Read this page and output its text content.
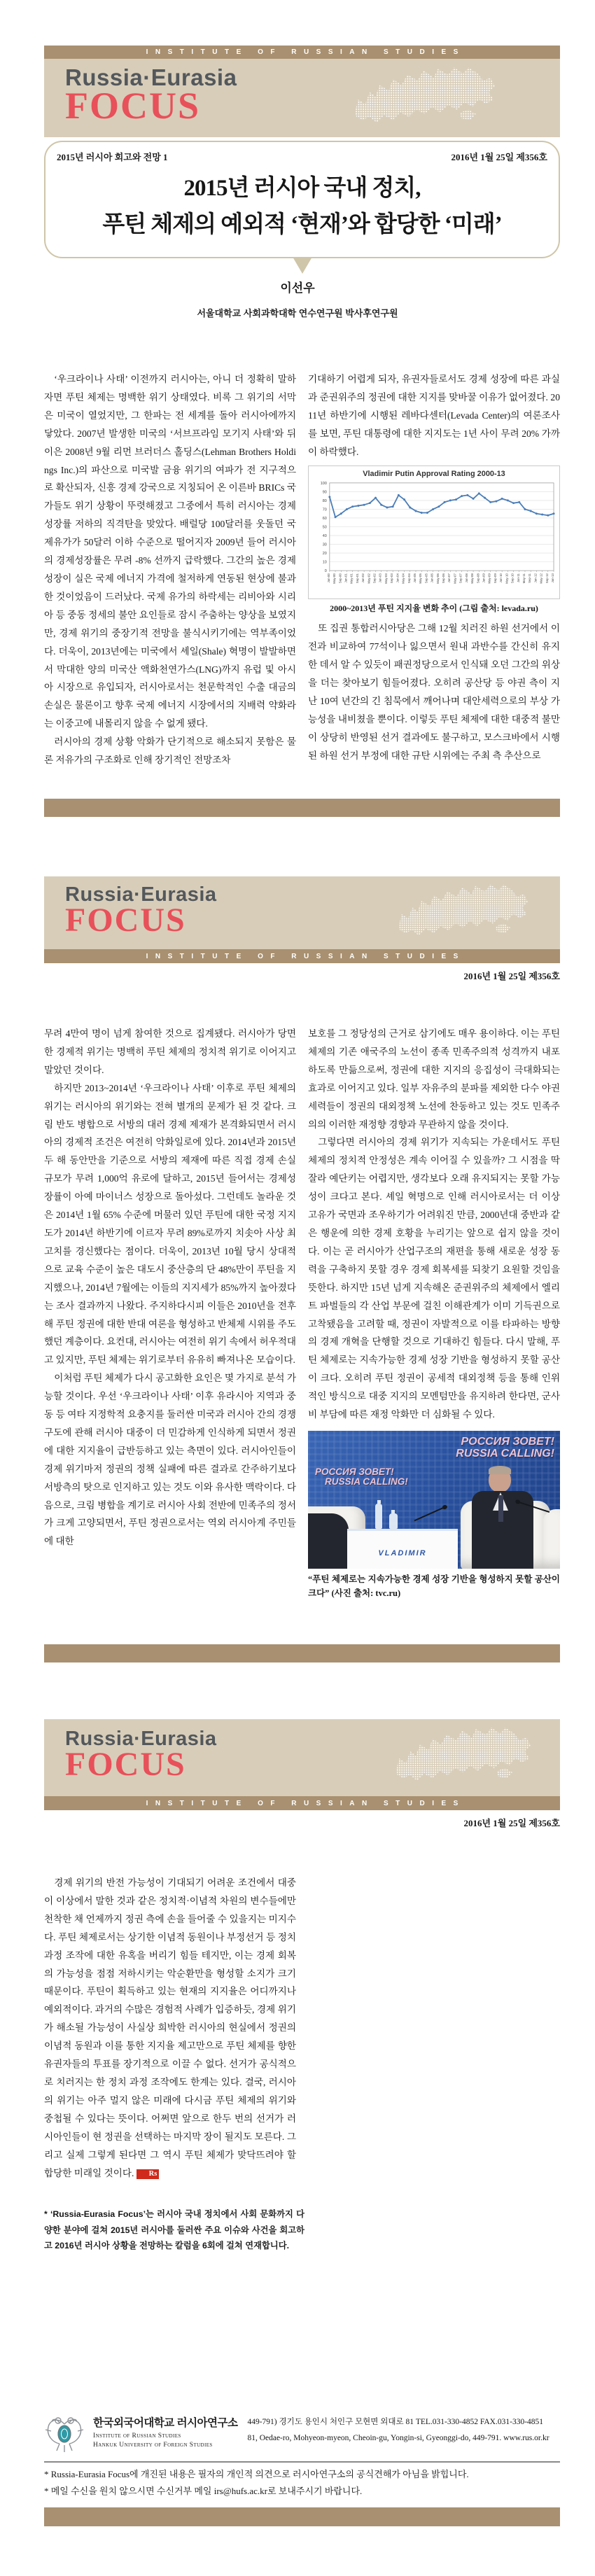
INSTITUTE OF RUSSIAN STUDIES
Russia·Eurasia
FOCUS
2015년 러시아 회고와 전망 1	2016년 1월 25일 제356호
2015년 러시아 국내 정치,
푸틴 체제의 예외적 ‘현재’와 합당한 ‘미래’
이선우
서울대학교 사회과학대학 연수연구원 박사후연구원

‘우크라이나 사태’ 이전까지 러시아는, 아니 더 정확히 말하자면 푸틴 체제는 명백한 위기 상태였다. 비록 그 위기의 서막은 미국이 열었지만, 그 한파는 전 세계를 돌아 러시아에까지 닿았다. 2007년 발생한 미국의 ‘서브프라임 모기지 사태’와 뒤이은 2008년 9월 리먼 브러더스 홀딩스(Lehman Brothers Holdings Inc.)의 파산으로 미국발 금융 위기의 여파가 전 지구적으로 확산되자, 신흥 경제 강국으로 지칭되어 온 이른바 BRICs 국가들도 위기 상황이 뚜렷해졌고 그중에서 특히 러시아는 경제성장률 저하의 직격탄을 맞았다. 배럴당 100달러를 웃돌던 국제유가가 50달러 이하 수준으로 떨어지자 2009년 들어 러시아의 경제성장률은 무려 -8% 선까지 급락했다. 그간의 높은 경제 성장이 실은 국제 에너지 가격에 철저하게 연동된 현상에 불과한 것이었음이 드러났다. 국제 유가의 하락세는 리비아와 시리아 등 중동 정세의 불안 요인들로 잠시 주춤하는 양상을 보였지만, 경제 위기의 중장기적 전망을 불식시키기에는 역부족이었다. 더욱이, 2013년에는 미국에서 셰일(Shale) 혁명이 발발하면서 막대한 양의 미국산 액화천연가스(LNG)까지 유럽 및 아시아 시장으로 유입되자, 러시아로서는 천문학적인 수출 대금의 손실은 물론이고 향후 국제 에너지 시장에서의 지배력 약화라는 이중고에 내몰리지 않을 수 없게 됐다.

러시아의 경제 상황 악화가 단기적으로 해소되지 못함은 물론 저유가의 구조화로 인해 장기적인 전망조차

기대하기 어렵게 되자, 유권자들로서도 경제 성장에 따른 과실과 준권위주의 정권에 대한 지지를 맞바꿀 이유가 없어졌다. 2011년 하반기에 시행된 레바다센터(Levada Center)의 여론조사를 보면, 푸틴 대통령에 대한 지지도는 1년 사이 무려 20% 가까이 하락했다.

Vladimir Putin Approval Rating 2000-13
0
10
20
30
40
50
60
70
80
90
100
Jan-00 May-00 Sep-00 Jan-01 May-01 Sep-01 Jan-02 May-02 Sep-02 Jan-03 May-03 Sep-03 Jan-04 May-04 Sep-04 Jan-05 May-05 Sep-05 Jan-06 May-06 Sep-06 Jan-07 May-07 Sep-07 Jan-08 May-08 Sep-08 Jan-09 May-09 Sep-09 Jan-10 May-10 Sep-10 Jan-11 May-11 Sep-11 Jan-12 May-12 Sep-12 Jan-13
2000~2013년 푸틴 지지율 변화 추이 (그림 출처: levada.ru)

또 집권 통합러시아당은 그해 12월 치러진 하원 선거에서 이전과 비교하여 77석이나 잃으면서 원내 과반수를 간신히 유지한 데서 알 수 있듯이 패권정당으로서 인식돼 오던 그간의 위상을 더는 찾아보기 힘들어졌다. 오히려 공산당 등 야권 측이 지난 10여 년간의 긴 침묵에서 깨어나며 대안세력으로의 부상 가능성을 내비쳤을 뿐이다. 이렇듯 푸틴 체제에 대한 대중적 불만이 상당히 반영된 선거 결과에도 불구하고, 모스크바에서 시행된 하원 선거 부정에 대한 규탄 시위에는 주최 측 추산으로

Russia·Eurasia
FOCUS
INSTITUTE OF RUSSIAN STUDIES
2016년 1월 25일 제356호

무려 4만여 명이 넘게 참여한 것으로 집계됐다. 러시아가 당면한 경제적 위기는 명백히 푸틴 체제의 정치적 위기로 이어지고 말았던 것이다.

하지만 2013~2014년 ‘우크라이나 사태’ 이후로 푸틴 체제의 위기는 러시아의 위기와는 전혀 별개의 문제가 된 것 같다. 크림 반도 병합으로 서방의 대러 경제 제재가 본격화되면서 러시아의 경제적 조건은 여전히 악화일로에 있다. 2014년과 2015년 두 해 동안만을 기준으로 서방의 제재에 따른 직접 경제 손실 규모가 무려 1,000억 유로에 달하고, 2015년 들어서는 경제성장률이 아예 마이너스 성장으로 돌아섰다. 그런데도 놀라운 것은 2014년 1월 65% 수준에 머물러 있던 푸틴에 대한 국정 지지도가 2014년 하반기에 이르자 무려 89%로까지 치솟아 사상 최고치를 경신했다는 점이다. 더욱이, 2013년 10월 당시 상대적으로 교육 수준이 높은 대도시 중산층의 단 48%만이 푸틴을 지지했으나, 2014년 7월에는 이들의 지지세가 85%까지 높아졌다는 조사 결과까지 나왔다. 주지하다시피 이들은 2010년을 전후해 푸틴 정권에 대한 반대 여론을 형성하고 반체제 시위를 주도했던 계층이다. 요컨대, 러시아는 여전히 위기 속에서 허우적대고 있지만, 푸틴 체제는 위기로부터 유유히 빠져나온 모습이다.

이처럼 푸틴 체제가 다시 공고화한 요인은 몇 가지로 분석 가능할 것이다. 우선 ‘우크라이나 사태’ 이후 유라시아 지역과 중동 등 여타 지정학적 요충지를 둘러싼 미국과 러시아 간의 경쟁 구도에 관해 러시아 대중이 더 민감하게 인식하게 되면서 정권에 대한 지지율이 급반등하고 있는 측면이 있다. 러시아인들이 경제 위기마저 정권의 정책 실패에 따른 결과로 간주하기보다 서방측의 탓으로 인지하고 있는 것도 이와 유사한 맥락이다. 다음으로, 크림 병합을 계기로 러시아 사회 전반에 민족주의 정서가 크게 고양되면서, 푸틴 정권으로서는 역외 러시아계 주민들에 대한

보호를 그 정당성의 근거로 삼기에도 매우 용이하다. 이는 푸틴 체제의 기존 애국주의 노선이 종족 민족주의적 성격까지 내포하도록 만듦으로써, 정권에 대한 지지의 응집성이 극대화되는 효과로 이어지고 있다. 일부 자유주의 분파를 제외한 다수 야권 세력들이 정권의 대외정책 노선에 찬동하고 있는 것도 민족주의의 이러한 재정향 경향과 무관하지 않을 것이다.

그렇다면 러시아의 경제 위기가 지속되는 가운데서도 푸틴 체제의 정치적 안정성은 계속 이어질 수 있을까? 그 시점을 딱 잘라 예단키는 어렵지만, 생각보다 오래 유지되지는 못할 가능성이 크다고 본다. 셰일 혁명으로 인해 러시아로서는 더 이상 고유가 국면과 조우하기가 어려워진 만큼, 2000년대 중반과 같은 행운에 의한 경제 호황을 누리기는 앞으로 쉽지 않을 것이다. 이는 곧 러시아가 산업구조의 재편을 통해 새로운 성장 동력을 구축하지 못할 경우 경제 회복세를 되찾기 요원할 것임을 뜻한다. 하지만 15년 넘게 지속해온 준권위주의 체제에서 엘리트 파벌들의 각 산업 부문에 걸친 이해관계가 이미 기득권으로 고착됐음을 고려할 때, 정권이 자발적으로 이를 타파하는 방향의 경제 개혁을 단행할 것으로 기대하긴 힘들다. 다시 말해, 푸틴 체제로는 지속가능한 경제 성장 기반을 형성하지 못할 공산이 크다. 오히려 푸틴 정권이 공세적 대외정책 등을 통해 인위적인 방식으로 대중 지지의 모멘텀만을 유지하려 한다면, 군사비 부담에 따른 재정 악화만 더 심화될 수 있다.

РОССИЯ ЗОВЕТ!
RUSSIA CALLING!
РОССИЯ ЗОВЕТ!
RUSSIA CALLING!
VLADIMIR
“푸틴 체제로는 지속가능한 경제 성장 기반을 형성하지 못할 공산이 크다” (사진 출처: tvc.ru)
Russia·Eurasia
FOCUS
INSTITUTE OF RUSSIAN STUDIES
2016년 1월 25일 제356호

경제 위기의 반전 가능성이 기대되기 어려운 조건에서 대중이 이상에서 말한 것과 같은 정치적·이념적 차원의 변수들에만 천착한 채 언제까지 정권 측에 손을 들어줄 수 있을지는 미지수다. 푸틴 체제로서는 상기한 이념적 동원이나 부정선거 등 정치 과정 조작에 대한 유혹을 버리기 힘들 테지만, 이는 경제 회복의 가능성을 점점 저하시키는 악순환만을 형성할 소지가 크기 때문이다. 푸틴이 획득하고 있는 현재의 지지율은 어디까지나 예외적이다. 과거의 수많은 경험적 사례가 입증하듯, 경제 위기가 해소될 가능성이 사실상 희박한 러시아의 현실에서 정권의 이념적 동원과 이를 통한 지지율 제고만으로 푸틴 체제를 향한 유권자들의 투표를 장기적으로 이끌 수 없다. 선거가 공식적으로 치러지는 한 정치 과정 조작에도 한계는 있다. 결국, 러시아의 위기는 아주 멀지 않은 미래에 다시금 푸틴 체제의 위기와 중첩될 수 있다는 뜻이다. 어쩌면 앞으로 한두 번의 선거가 러시아인들이 현 정권을 선택하는 마지막 장이 될지도 모른다. 그리고 실제 그렇게 된다면 그 역시 푸틴 체제가 맞닥뜨려야 할 합당한 미래일 것이다. Rs

* ‘Russia-Eurasia Focus’는 러시아 국내 정치에서 사회 문화까지 다양한 분야에 걸쳐 2015년 러시아를 둘러싼 주요 이슈와 사건을 회고하고 2016년 러시아 상황을 전망하는 칼럼을 6회에 걸쳐 연재합니다.
한국외국어대학교 러시아연구소
Institute of Russian Studies
Hankuk University of Foreign Studies
449-791) 경기도 용인시 처인구 모현면 외대로 81 TEL.031-330-4852 FAX.031-330-4851
81, Oedae-ro, Mohyeon-myeon, Cheoin-gu, Yongin-si, Gyeonggi-do, 449-791. www.rus.or.kr
* Russia-Eurasia Focus에 개진된 내용은 필자의 개인적 의견으로 러시아연구소의 공식견해가 아님을 밝힙니다.
* 메일 수신을 원치 않으시면 수신거부 메일 irs@hufs.ac.kr로 보내주시기 바랍니다.
